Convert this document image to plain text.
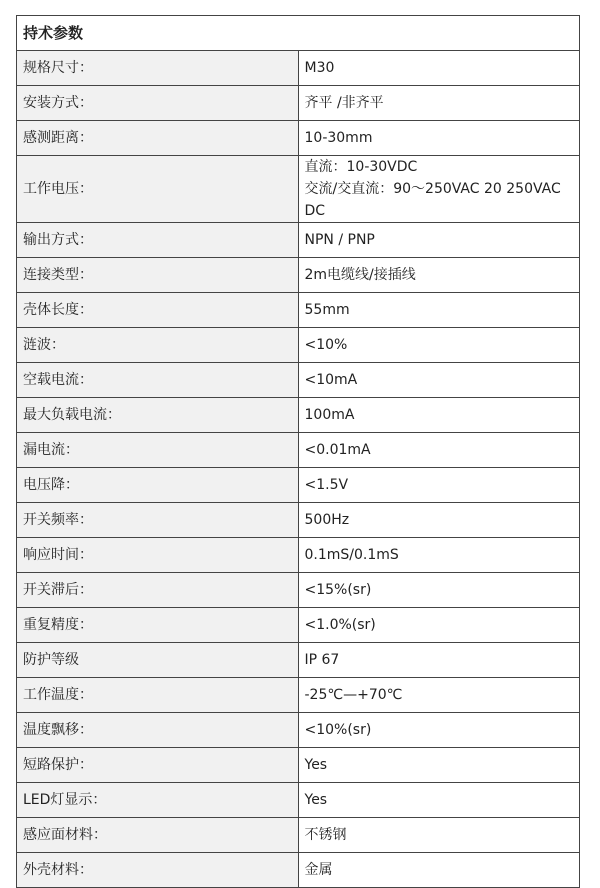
持术参数	
规格尺寸：	M30

安装方式：	齐平 /非齐平

感测距离：	10-30mm

工作电压：	直流：10-30VDC
交流/交直流：90～250VAC 20 250VAC DC

输出方式：	NPN / PNP

连接类型：	2m电缆线/接插线

壳体长度：	55mm

涟波：	<10%

空载电流：	<10mA

最大负载电流：	100mA

漏电流：	<0.01mA

电压降：	<1.5V

开关频率：	500Hz

响应时间：	0.1mS/0.1mS

开关滞后：	<15%(sr)

重复精度：	<1.0%(sr)

防护等级	IP 67

工作温度：	-25℃—+70℃

温度飘移：	<10%(sr)

短路保护：	Yes

LED灯显示：	Yes

感应面材料：	不锈钢

外壳材料：	金属
